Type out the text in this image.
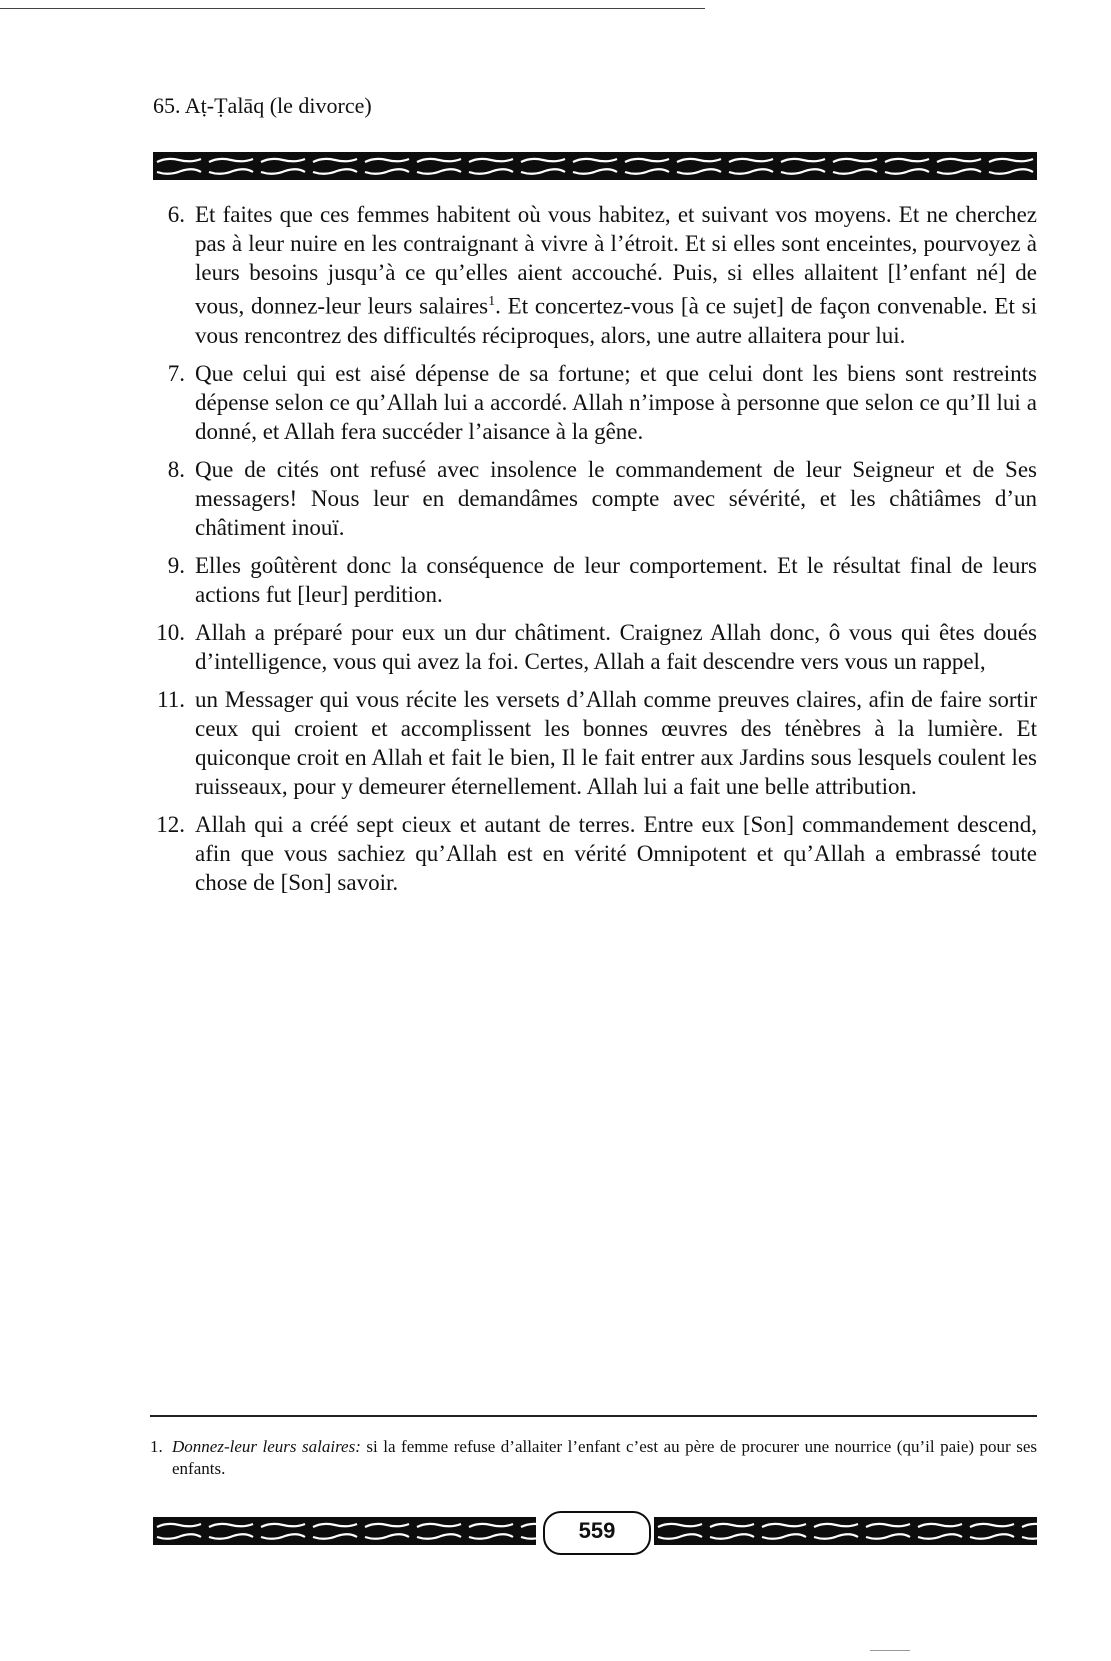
65. Aṭ-Ṭalāq (le divorce)
6. Et faites que ces femmes habitent où vous habitez, et suivant vos moyens. Et ne cherchez pas à leur nuire en les contraignant à vivre à l’étroit. Et si elles sont enceintes, pourvoyez à leurs besoins jusqu’à ce qu’elles aient accouché. Puis, si elles allaitent [l’enfant né] de vous, donnez-leur leurs salaires$^1$. Et concertez-vous [à ce sujet] de façon convenable. Et si vous rencontrez des difficultés réciproques, alors, une autre allaitera pour lui.
7. Que celui qui est aisé dépense de sa fortune; et que celui dont les biens sont restreints dépense selon ce qu’Allah lui a accordé. Allah n’impose à personne que selon ce qu’Il lui a donné, et Allah fera succéder l’aisance à la gêne.
8. Que de cités ont refusé avec insolence le commandement de leur Seigneur et de Ses messagers! Nous leur en demandâmes compte avec sévérité, et les châtiâmes d’un châtiment inouï.
9. Elles goûtèrent donc la conséquence de leur comportement. Et le résultat final de leurs actions fut [leur] perdition.
10. Allah a préparé pour eux un dur châtiment. Craignez Allah donc, ô vous qui êtes doués d’intelligence, vous qui avez la foi. Certes, Allah a fait descendre vers vous un rappel,
11. un Messager qui vous récite les versets d’Allah comme preuves claires, afin de faire sortir ceux qui croient et accomplissent les bonnes œuvres des ténèbres à la lumière. Et quiconque croit en Allah et fait le bien, Il le fait entrer aux Jardins sous lesquels coulent les ruisseaux, pour y demeurer éternellement. Allah lui a fait une belle attribution.
12. Allah qui a créé sept cieux et autant de terres. Entre eux [Son] commandement descend, afin que vous sachiez qu’Allah est en vérité Omnipotent et qu’Allah a embrassé toute chose de [Son] savoir.
1. Donnez-leur leurs salaires: si la femme refuse d’allaiter l’enfant c’est au père de procurer une nourrice (qu’il paie) pour ses enfants.
559
